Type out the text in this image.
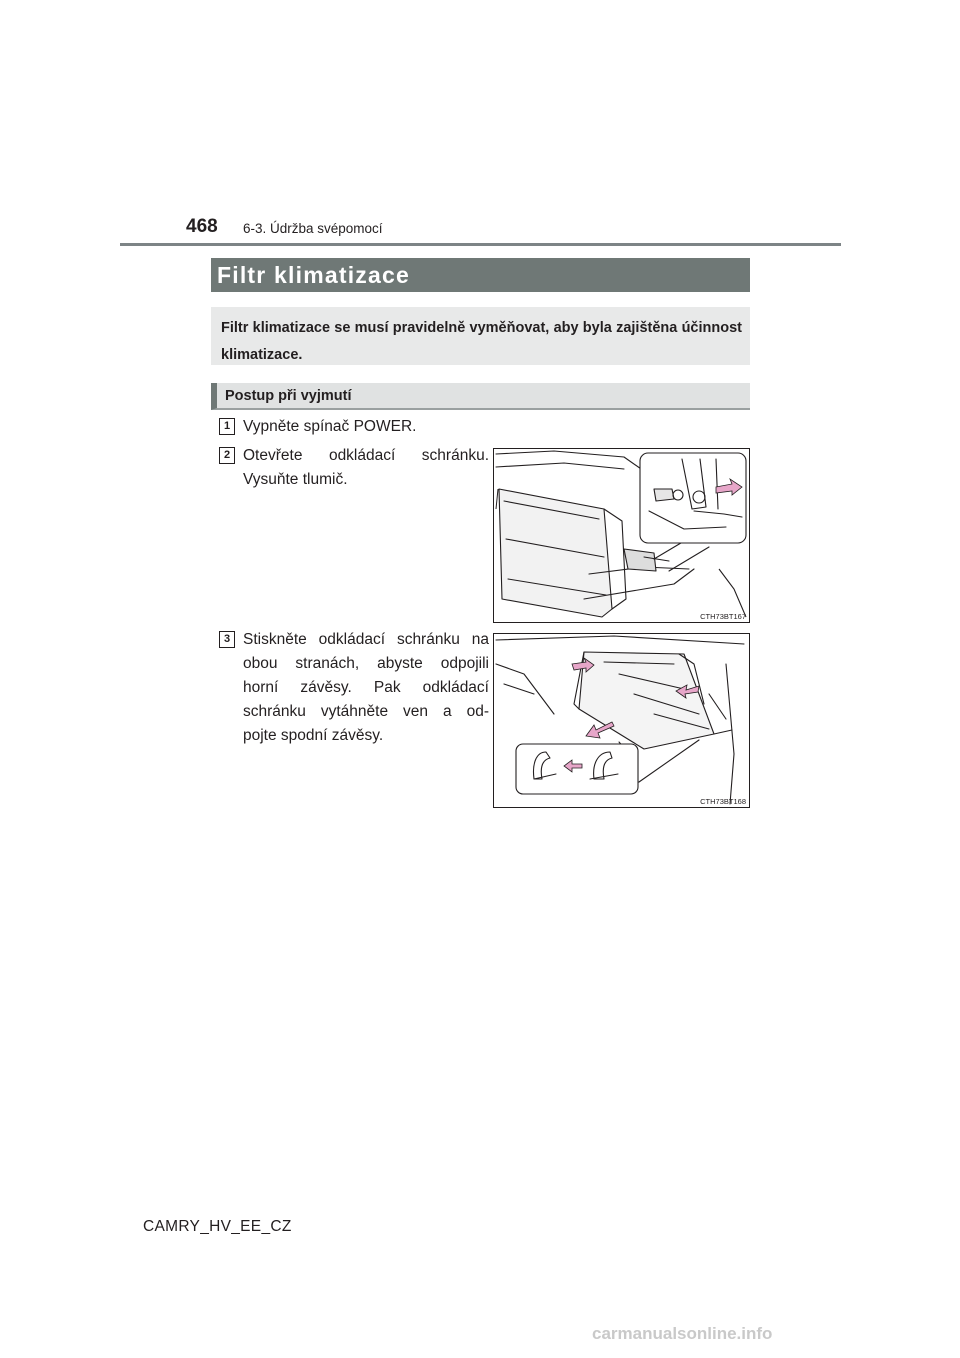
468 6-3. Údržba svépomocí
Filtr klimatizace
Filtr klimatizace se musí pravidelně vyměňovat, aby byla zajištěna účinnost klimatizace.
Postup při vyjmutí
1 Vypněte spínač POWER.
2 Otevřete odkládací schránku.
Vysuňte tlumič.
CTH73BT167
3 Stiskněte odkládací schránku na
obou stranách, abyste odpojili
horní závěsy. Pak odkládací
schránku vytáhněte ven a od-
pojte spodní závěsy.
CTH73BT168
CAMRY_HV_EE_CZ
carmanualsonline.info
